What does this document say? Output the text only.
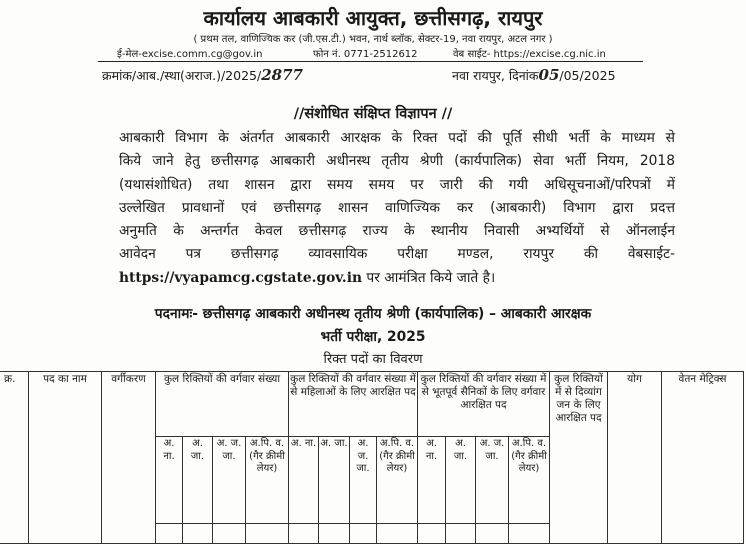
कार्यालय आबकारी आयुक्त, छत्तीसगढ़, रायपुर
( प्रथम तल, वाणिज्यिक कर (जी.एस.टी.) भवन, नार्थ ब्लॉक, सेक्टर-19, नवा रायपुर, अटल नगर )
ई-मेल-excise.comm.cg@gov.in	फोन नं. 0771-2512612	वेब साईट- https://excise.cg.nic.in
क्रमांक/आब./स्था(अराज.)/2025/2877	नवा रायपुर, दिनांक05/05/2025
//संशोधित संक्षिप्त विज्ञापन //
आबकारी विभाग के अंतर्गत आबकारी आरक्षक के रिक्त पदों की पूर्ति सीधी भर्ती के माध्यम से
किये जाने हेतु छत्तीसगढ़ आबकारी अधीनस्थ तृतीय श्रेणी (कार्यपालिक) सेवा भर्ती नियम, 2018
(यथासंशोधित) तथा शासन द्वारा समय समय पर जारी की गयी अधिसूचनाओं/परिपत्रों में
उल्लेखित प्रावधानों एवं छत्तीसगढ़ शासन वाणिज्यिक कर (आबकारी) विभाग द्वारा प्रदत्त
अनुमति के अन्तर्गत केवल छत्तीसगढ़ राज्य के स्थानीय निवासी अभ्यर्थियों से ऑनलाईन
आवेदन पत्र छत्तीसगढ़ व्यावसायिक परीक्षा मण्डल, रायपुर की वेबसाईट-
https://vyapamcg.cgstate.gov.in पर आमंत्रित किये जाते है।
पदनामः- छत्तीसगढ़ आबकारी अधीनस्थ तृतीय श्रेणी (कार्यपालिक) – आबकारी आरक्षक
भर्ती परीक्षा, 2025
रिक्त पदों का विवरण
क्र.	पद का नाम	वर्गीकरण	कुल रिक्तियों की वर्गवार संख्या				कुल रिक्तियों की वर्गवार संख्या में से महिलाओं के लिए आरक्षित पद				कुल रिक्तियों की वर्गवार संख्या में से भूतपूर्व सैनिकों के लिए वर्गवार आरक्षित पद				कुल रिक्तियों में से दिव्यांग जन के लिए आरक्षित पद	योग	वेतन मेट्रिक्स
			अ. ना.	अ. जा.	अ. ज. जा.	अ.पि. व. (गैर क्रीमी लेयर)	अ. ना.	अ. जा.	अ. ज. जा.	अ.पि. व. (गैर क्रीमी लेयर)	अ. ना.	अ. जा.	अ. ज. जा.	अ.पि. व. (गैर क्रीमी लेयर)			
